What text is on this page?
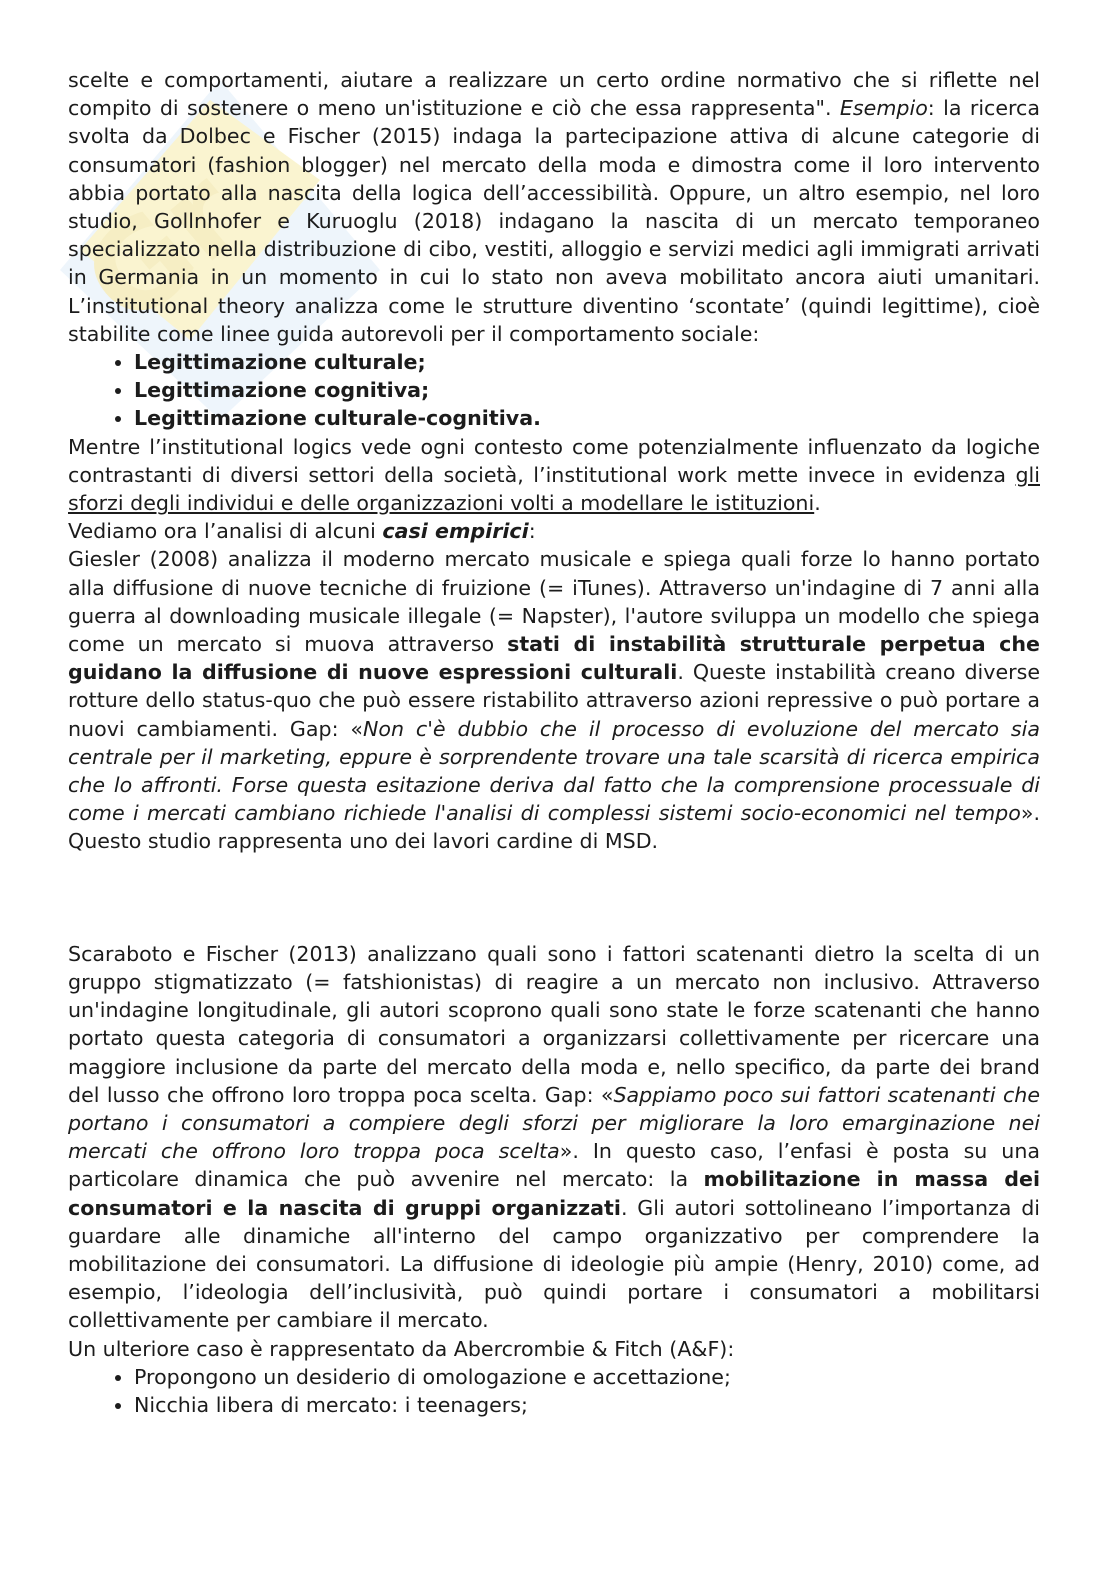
Gr

scelte e comportamenti, aiutare a realizzare un certo ordine normativo che si riflette nel compito di sostenere o meno un'istituzione e ciò che essa rappresenta". Esempio: la ricerca svolta da Dolbec e Fischer (2015) indaga la partecipazione attiva di alcune categorie di consumatori (fashion blogger) nel mercato della moda e dimostra come il loro intervento abbia portato alla nascita della logica dell’accessibilità. Oppure, un altro esempio, nel loro studio, Gollnhofer e Kuruoglu (2018) indagano la nascita di un mercato temporaneo specializzato nella distribuzione di cibo, vestiti, alloggio e servizi medici agli immigrati arrivati in Germania in un momento in cui lo stato non aveva mobilitato ancora aiuti umanitari. L’institutional theory analizza come le strutture diventino ‘scontate’ (quindi legittime), cioè stabilite come linee guida autorevoli per il comportamento sociale:

• Legittimazione culturale;
• Legittimazione cognitiva;
• Legittimazione culturale-cognitiva.

Mentre l’institutional logics vede ogni contesto come potenzialmente influenzato da logiche contrastanti di diversi settori della società, l’institutional work mette invece in evidenza gli sforzi degli individui e delle organizzazioni volti a modellare le istituzioni.

Vediamo ora l’analisi di alcuni casi empirici:

Giesler (2008) analizza il moderno mercato musicale e spiega quali forze lo hanno portato alla diffusione di nuove tecniche di fruizione (= iTunes). Attraverso un'indagine di 7 anni alla guerra al downloading musicale illegale (= Napster), l'autore sviluppa un modello che spiega come un mercato si muova attraverso stati di instabilità strutturale perpetua che guidano la diffusione di nuove espressioni culturali. Queste instabilità creano diverse rotture dello status-quo che può essere ristabilito attraverso azioni repressive o può portare a nuovi cambiamenti. Gap: «Non c'è dubbio che il processo di evoluzione del mercato sia centrale per il marketing, eppure è sorprendente trovare una tale scarsità di ricerca empirica che lo affronti. Forse questa esitazione deriva dal fatto che la comprensione processuale di come i mercati cambiano richiede l'analisi di complessi sistemi socio-economici nel tempo». Questo studio rappresenta uno dei lavori cardine di MSD.

Scaraboto e Fischer (2013) analizzano quali sono i fattori scatenanti dietro la scelta di un gruppo stigmatizzato (= fatshionistas) di reagire a un mercato non inclusivo. Attraverso un'indagine longitudinale, gli autori scoprono quali sono state le forze scatenanti che hanno portato questa categoria di consumatori a organizzarsi collettivamente per ricercare una maggiore inclusione da parte del mercato della moda e, nello specifico, da parte dei brand del lusso che offrono loro troppa poca scelta. Gap: «Sappiamo poco sui fattori scatenanti che portano i consumatori a compiere degli sforzi per migliorare la loro emarginazione nei mercati che offrono loro troppa poca scelta». In questo caso, l’enfasi è posta su una particolare dinamica che può avvenire nel mercato: la mobilitazione in massa dei consumatori e la nascita di gruppi organizzati. Gli autori sottolineano l’importanza di guardare alle dinamiche all'interno del campo organizzativo per comprendere la mobilitazione dei consumatori. La diffusione di ideologie più ampie (Henry, 2010) come, ad esempio, l’ideologia dell’inclusività, può quindi portare i consumatori a mobilitarsi collettivamente per cambiare il mercato.

Un ulteriore caso è rappresentato da Abercrombie & Fitch (A&F):

• Propongono un desiderio di omologazione e accettazione;
• Nicchia libera di mercato: i teenagers;
